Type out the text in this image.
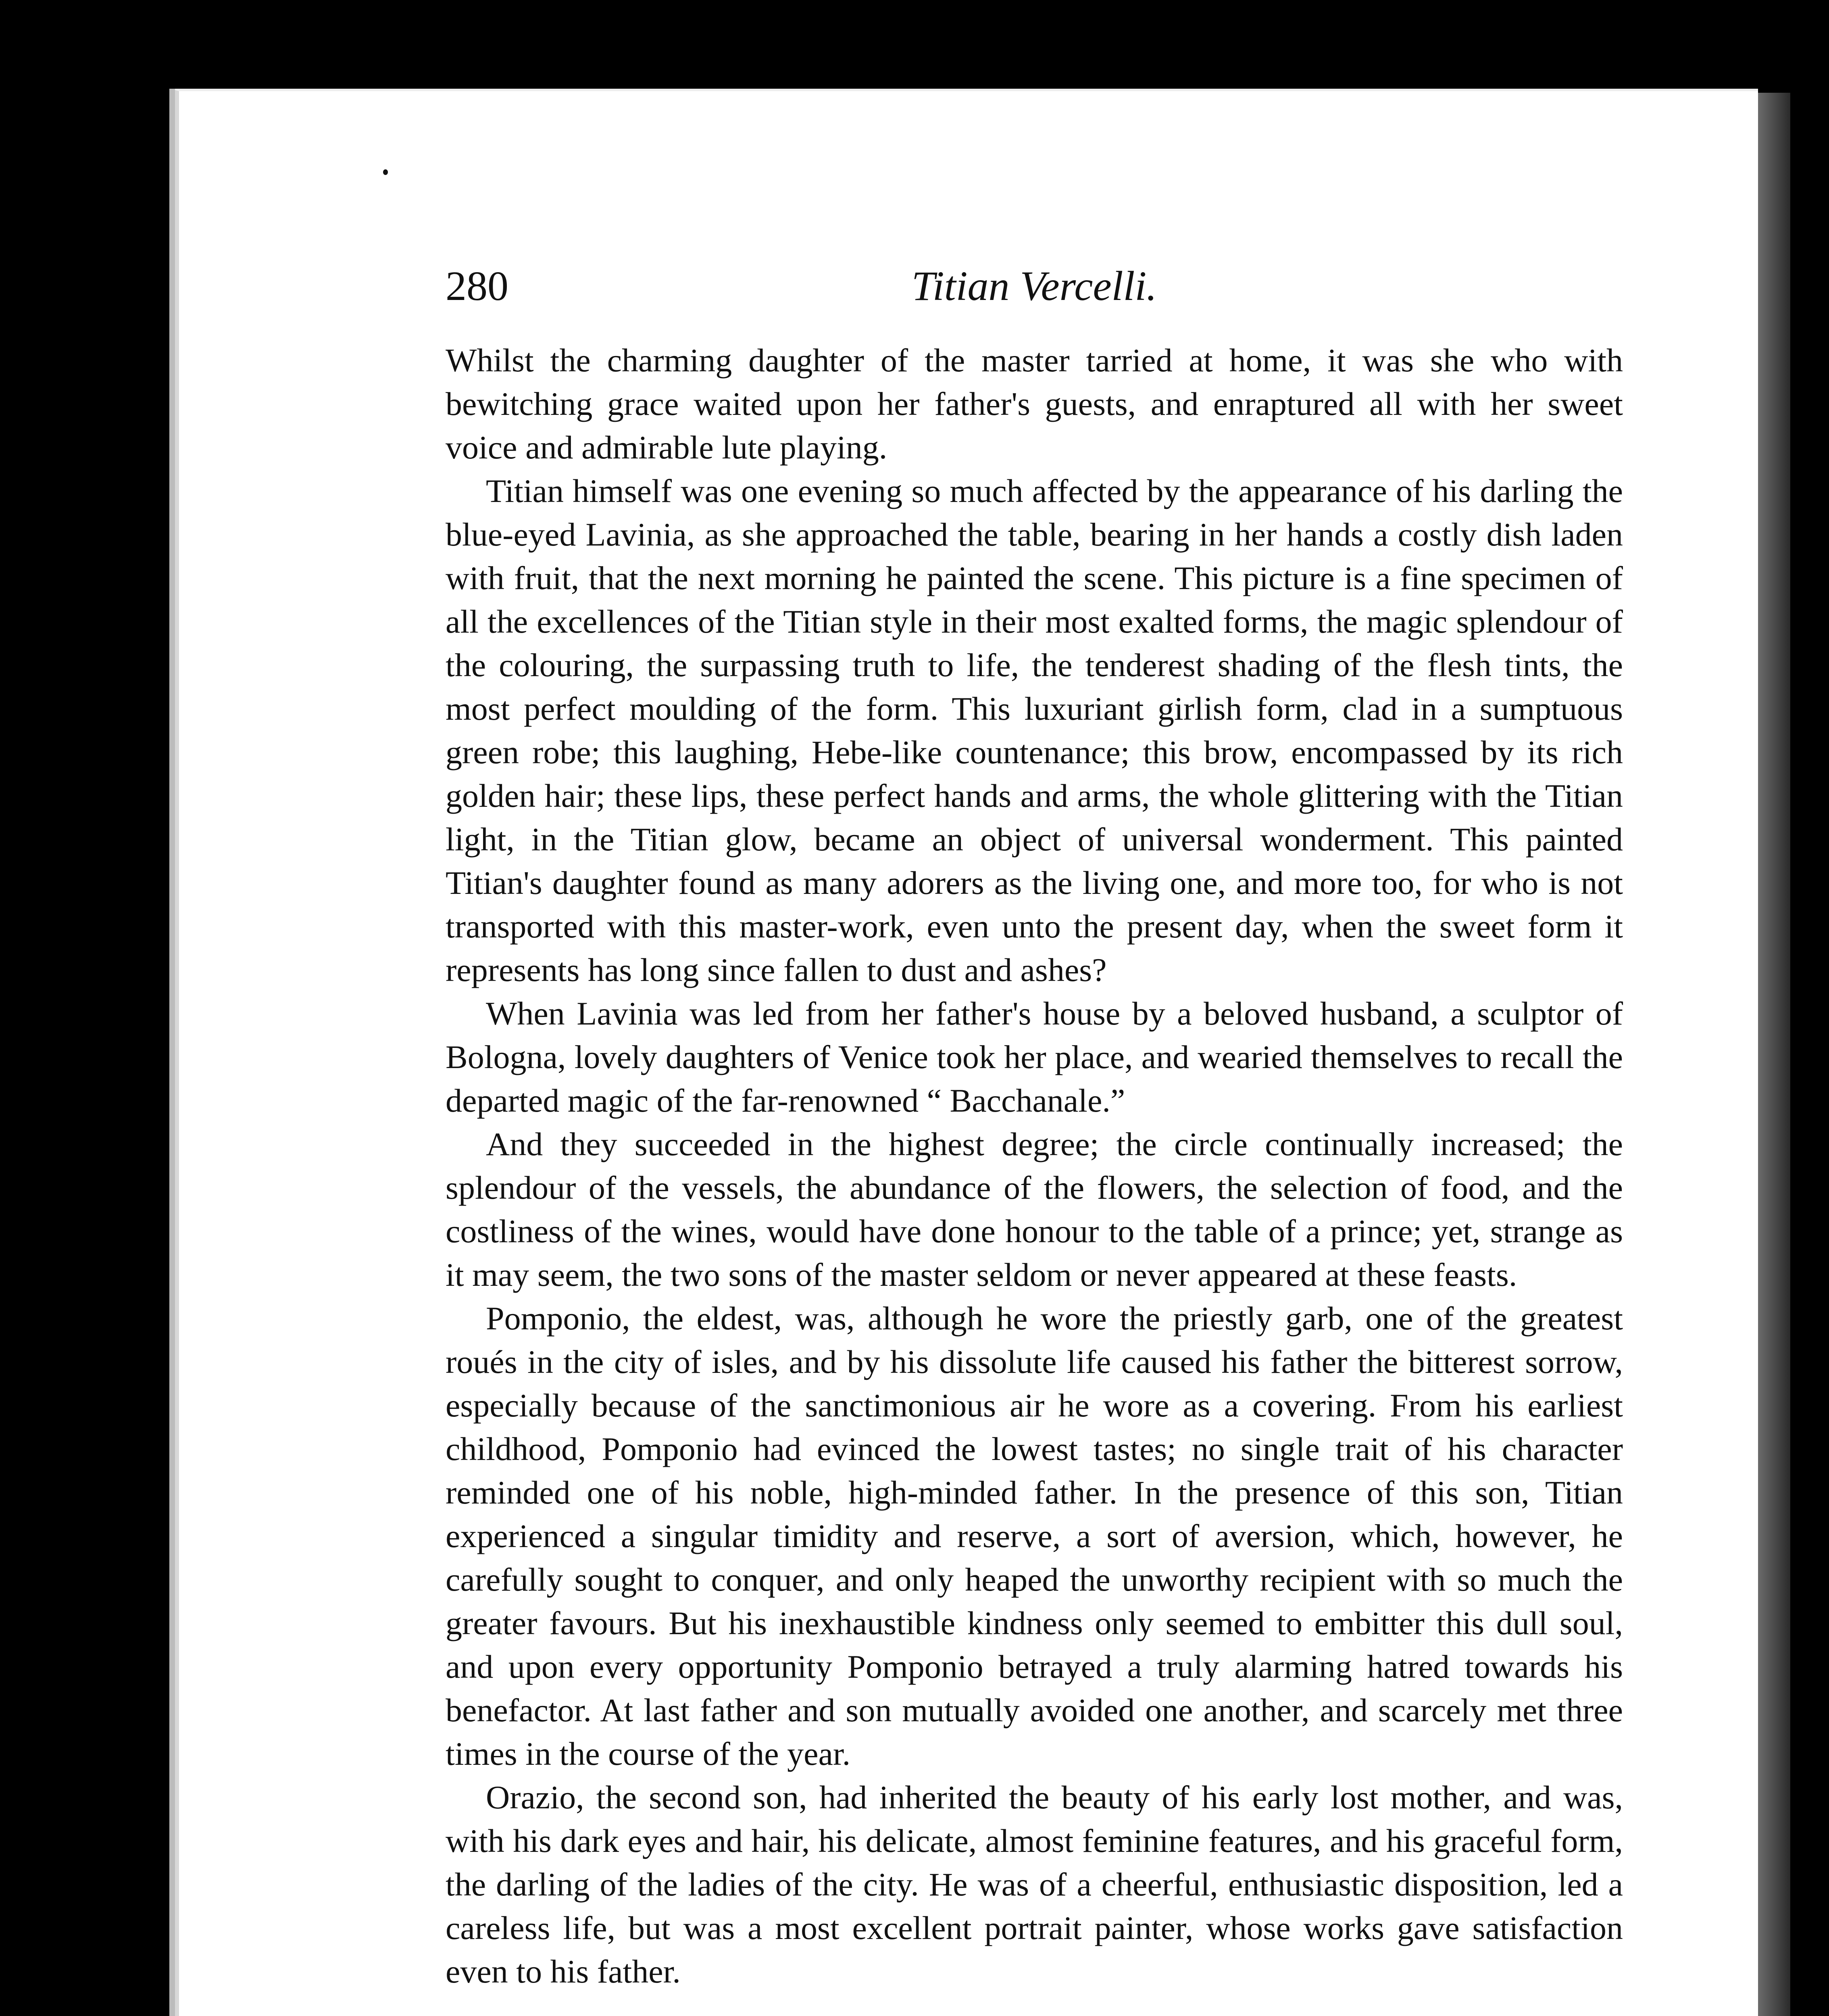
280	Titian Vercelli.

Whilst the charming daughter of the master tarried at home, it was she who with bewitching grace waited upon her father's guests, and enraptured all with her sweet voice and admirable lute playing.

Titian himself was one evening so much affected by the appearance of his darling the blue-eyed Lavinia, as she approached the table, bearing in her hands a costly dish laden with fruit, that the next morning he painted the scene. This picture is a fine specimen of all the excellences of the Titian style in their most exalted forms, the magic splendour of the colouring, the surpassing truth to life, the tenderest shading of the flesh tints, the most perfect moulding of the form. This luxuriant girlish form, clad in a sumptuous green robe; this laughing, Hebe-like countenance; this brow, encompassed by its rich golden hair; these lips, these perfect hands and arms, the whole glittering with the Titian light, in the Titian glow, became an object of universal wonderment. This painted Titian's daughter found as many adorers as the living one, and more too, for who is not transported with this master-work, even unto the present day, when the sweet form it represents has long since fallen to dust and ashes?

When Lavinia was led from her father's house by a beloved husband, a sculptor of Bologna, lovely daughters of Venice took her place, and wearied themselves to recall the departed magic of the far-renowned “ Bacchanale.”

And they succeeded in the highest degree; the circle continually increased; the splendour of the vessels, the abundance of the flowers, the selection of food, and the costliness of the wines, would have done honour to the table of a prince; yet, strange as it may seem, the two sons of the master seldom or never appeared at these feasts.

Pomponio, the eldest, was, although he wore the priestly garb, one of the greatest roués in the city of isles, and by his dissolute life caused his father the bitterest sorrow, especially because of the sanctimonious air he wore as a covering. From his earliest childhood, Pomponio had evinced the lowest tastes; no single trait of his character reminded one of his noble, high-minded father. In the presence of this son, Titian experienced a singular timidity and reserve, a sort of aversion, which, however, he carefully sought to conquer, and only heaped the unworthy recipient with so much the greater favours. But his inexhaustible kindness only seemed to embitter this dull soul, and upon every opportunity Pomponio betrayed a truly alarming hatred towards his benefactor. At last father and son mutually avoided one another, and scarcely met three times in the course of the year.

Orazio, the second son, had inherited the beauty of his early lost mother, and was, with his dark eyes and hair, his delicate, almost feminine features, and his graceful form, the darling of the ladies of the city. He was of a cheerful, enthusiastic disposition, led a careless life, but was a most excellent portrait painter, whose works gave satisfaction even to his father.
